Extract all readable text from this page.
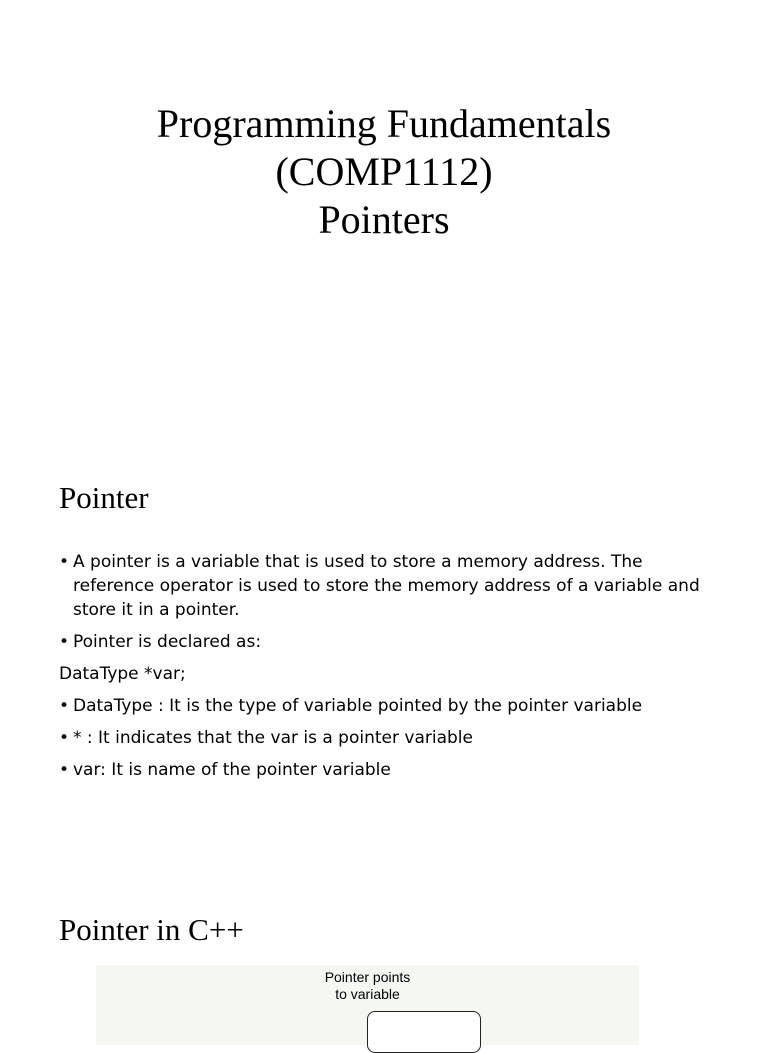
Programming Fundamentals
(COMP1112)
Pointers
Pointer
• A pointer is a variable that is used to store a memory address. The reference operator is used to store the memory address of a variable and store it in a pointer.
• Pointer is declared as:
DataType *var;
• DataType : It is the type of variable pointed by the pointer variable
• * : It indicates that the var is a pointer variable
• var: It is name of the pointer variable
Pointer in C++
Pointer points
to variable
